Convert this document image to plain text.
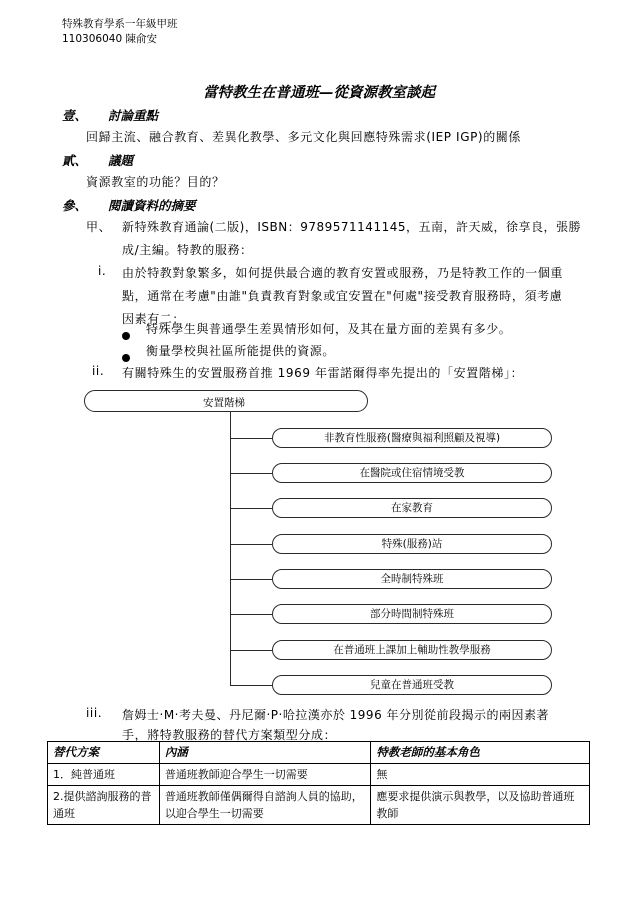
特殊教育學系一年級甲班
110306040 陳俞安
當特教生在普通班—從資源教室談起
壹、 討論重點
回歸主流、融合教育、差異化教學、多元文化與回應特殊需求(IEP IGP)的關係
貳、 議題
資源教室的功能？目的？
參、 閱讀資料的摘要
甲、 新特殊教育通論(二版)，ISBN：9789571141145，五南，許天威，徐享良，張勝
成/主編。特教的服務：
i. 由於特教對象繁多，如何提供最合適的教育安置或服務，乃是特教工作的一個重
點，通常在考慮"由誰"負責教育對象或宜安置在"何處"接受教育服務時，須考慮
因素有二：
特殊學生與普通學生差異情形如何，及其在量方面的差異有多少。
衡量學校與社區所能提供的資源。
ii. 有關特殊生的安置服務首推 1969 年雷諾爾得率先提出的「安置階梯」：
安置階梯
非教育性服務(醫療與福利照顧及視導)
在醫院或住宿情境受教
在家教育
特殊(服務)站
全時制特殊班
部分時間制特殊班
在普通班上課加上輔助性教學服務
兒童在普通班受教
iii. 詹姆士‧M‧考夫曼、丹尼爾‧P‧哈拉漢亦於 1996 年分別從前段揭示的兩因素著
手，將特教服務的替代方案類型分成：
替代方案	內涵	特教老師的基本角色
1．純普通班	普通班教師迎合學生一切需要	無
2.提供諮詢服務的普通班	普通班教師僅偶爾得自諮詢人員的協助，以迎合學生一切需要	應要求提供演示與教學，以及協助普通班教師
